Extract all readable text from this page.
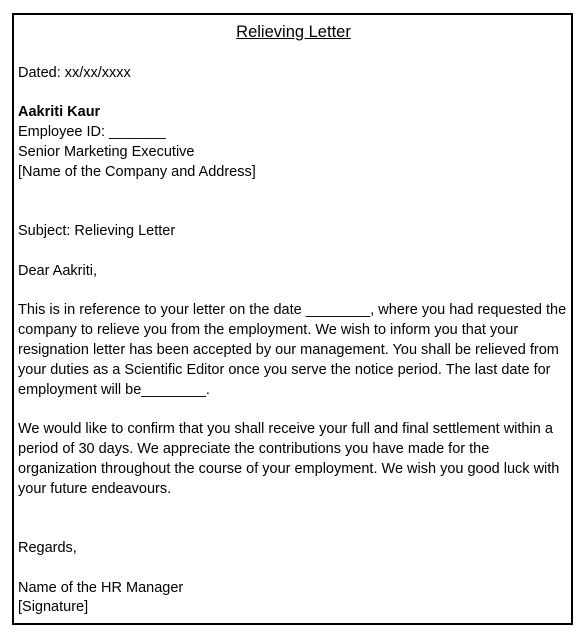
Relieving Letter
Dated: xx/xx/xxxx
Aakriti Kaur
Employee ID: _______
Senior Marketing Executive
[Name of the Company and Address]
Subject: Relieving Letter
Dear Aakriti,
This is in reference to your letter on the date ________, where you had requested the
company to relieve you from the employment. We wish to inform you that your
resignation letter has been accepted by our management. You shall be relieved from
your duties as a Scientific Editor once you serve the notice period. The last date for
employment will be________.
We would like to confirm that you shall receive your full and final settlement within a
period of 30 days. We appreciate the contributions you have made for the
organization throughout the course of your employment. We wish you good luck with
your future endeavours.
Regards,
Name of the HR Manager
[Signature]
